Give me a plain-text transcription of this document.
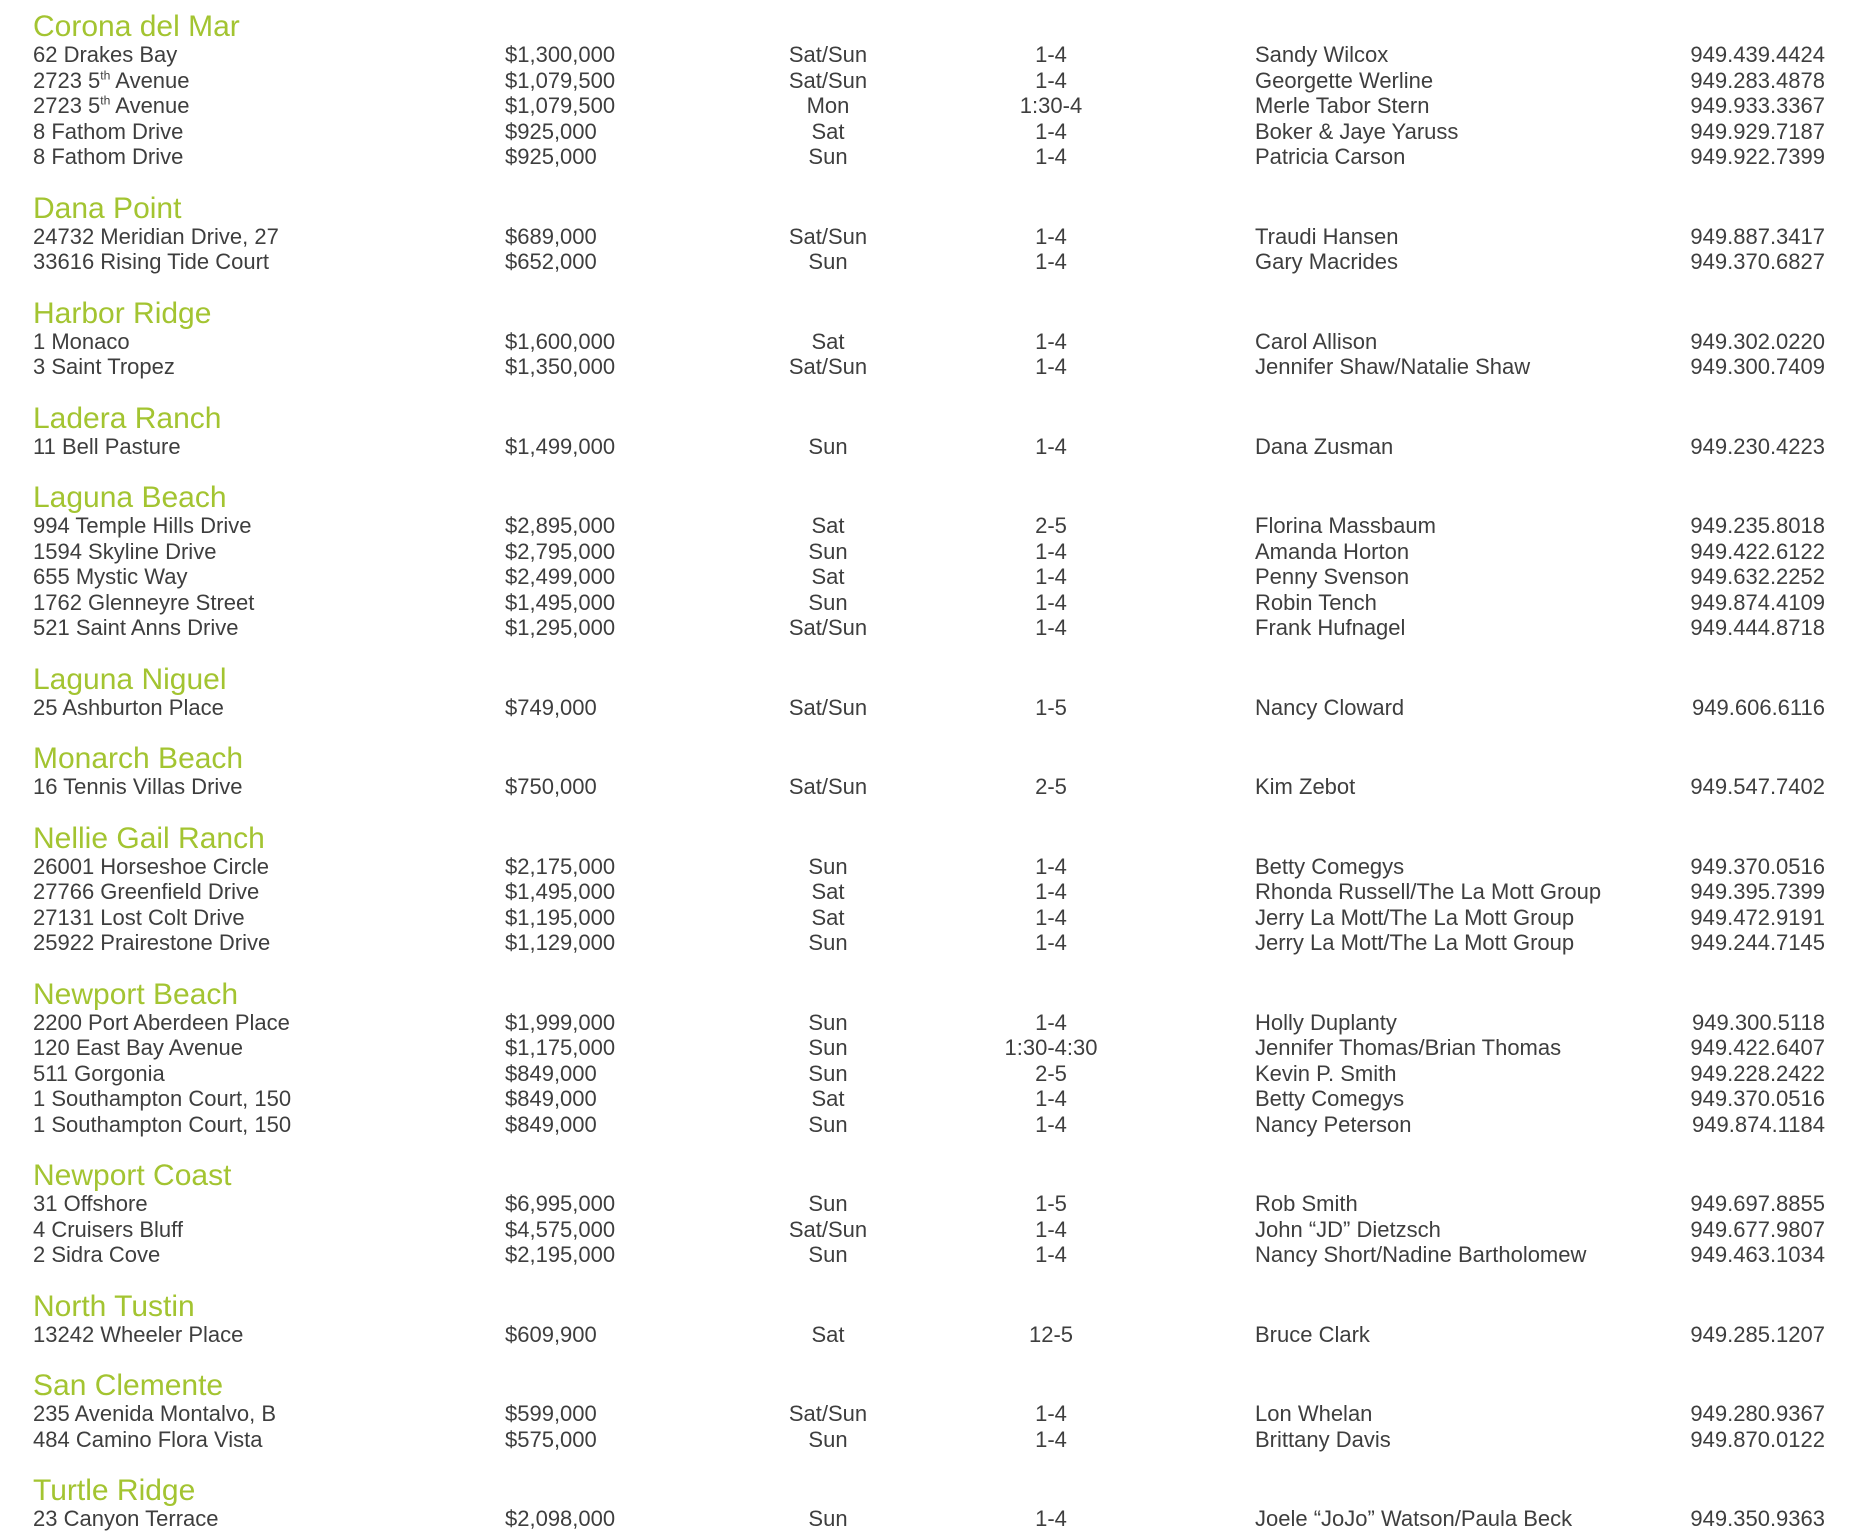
Corona del Mar
62 Drakes Bay	$1,300,000	Sat/Sun	1-4	Sandy Wilcox	949.439.4424
2723 5th Avenue	$1,079,500	Sat/Sun	1-4	Georgette Werline	949.283.4878
2723 5th Avenue	$1,079,500	Mon	1:30-4	Merle Tabor Stern	949.933.3367
8 Fathom Drive	$925,000	Sat	1-4	Boker & Jaye Yaruss	949.929.7187
8 Fathom Drive	$925,000	Sun	1-4	Patricia Carson	949.922.7399
Dana Point
24732 Meridian Drive, 27	$689,000	Sat/Sun	1-4	Traudi Hansen	949.887.3417
33616 Rising Tide Court	$652,000	Sun	1-4	Gary Macrides	949.370.6827
Harbor Ridge
1 Monaco	$1,600,000	Sat	1-4	Carol Allison	949.302.0220
3 Saint Tropez	$1,350,000	Sat/Sun	1-4	Jennifer Shaw/Natalie Shaw	949.300.7409
Ladera Ranch
11 Bell Pasture	$1,499,000	Sun	1-4	Dana Zusman	949.230.4223
Laguna Beach
994 Temple Hills Drive	$2,895,000	Sat	2-5	Florina Massbaum	949.235.8018
1594 Skyline Drive	$2,795,000	Sun	1-4	Amanda Horton	949.422.6122
655 Mystic Way	$2,499,000	Sat	1-4	Penny Svenson	949.632.2252
1762 Glenneyre Street	$1,495,000	Sun	1-4	Robin Tench	949.874.4109
521 Saint Anns Drive	$1,295,000	Sat/Sun	1-4	Frank Hufnagel	949.444.8718
Laguna Niguel
25 Ashburton Place	$749,000	Sat/Sun	1-5	Nancy Cloward	949.606.6116
Monarch Beach
16 Tennis Villas Drive	$750,000	Sat/Sun	2-5	Kim Zebot	949.547.7402
Nellie Gail Ranch
26001 Horseshoe Circle	$2,175,000	Sun	1-4	Betty Comegys	949.370.0516
27766 Greenfield Drive	$1,495,000	Sat	1-4	Rhonda Russell/The La Mott Group	949.395.7399
27131 Lost Colt Drive	$1,195,000	Sat	1-4	Jerry La Mott/The La Mott Group	949.472.9191
25922 Prairestone Drive	$1,129,000	Sun	1-4	Jerry La Mott/The La Mott Group	949.244.7145
Newport Beach
2200 Port Aberdeen Place	$1,999,000	Sun	1-4	Holly Duplanty	949.300.5118
120 East Bay Avenue	$1,175,000	Sun	1:30-4:30	Jennifer Thomas/Brian Thomas	949.422.6407
511 Gorgonia	$849,000	Sun	2-5	Kevin P. Smith	949.228.2422
1 Southampton Court, 150	$849,000	Sat	1-4	Betty Comegys	949.370.0516
1 Southampton Court, 150	$849,000	Sun	1-4	Nancy Peterson	949.874.1184
Newport Coast
31 Offshore	$6,995,000	Sun	1-5	Rob Smith	949.697.8855
4 Cruisers Bluff	$4,575,000	Sat/Sun	1-4	John “JD” Dietzsch	949.677.9807
2 Sidra Cove	$2,195,000	Sun	1-4	Nancy Short/Nadine Bartholomew	949.463.1034
North Tustin
13242 Wheeler Place	$609,900	Sat	12-5	Bruce Clark	949.285.1207
San Clemente
235 Avenida Montalvo, B	$599,000	Sat/Sun	1-4	Lon Whelan	949.280.9367
484 Camino Flora Vista	$575,000	Sun	1-4	Brittany Davis	949.870.0122
Turtle Ridge
23 Canyon Terrace	$2,098,000	Sun	1-4	Joele “JoJo” Watson/Paula Beck	949.350.9363
